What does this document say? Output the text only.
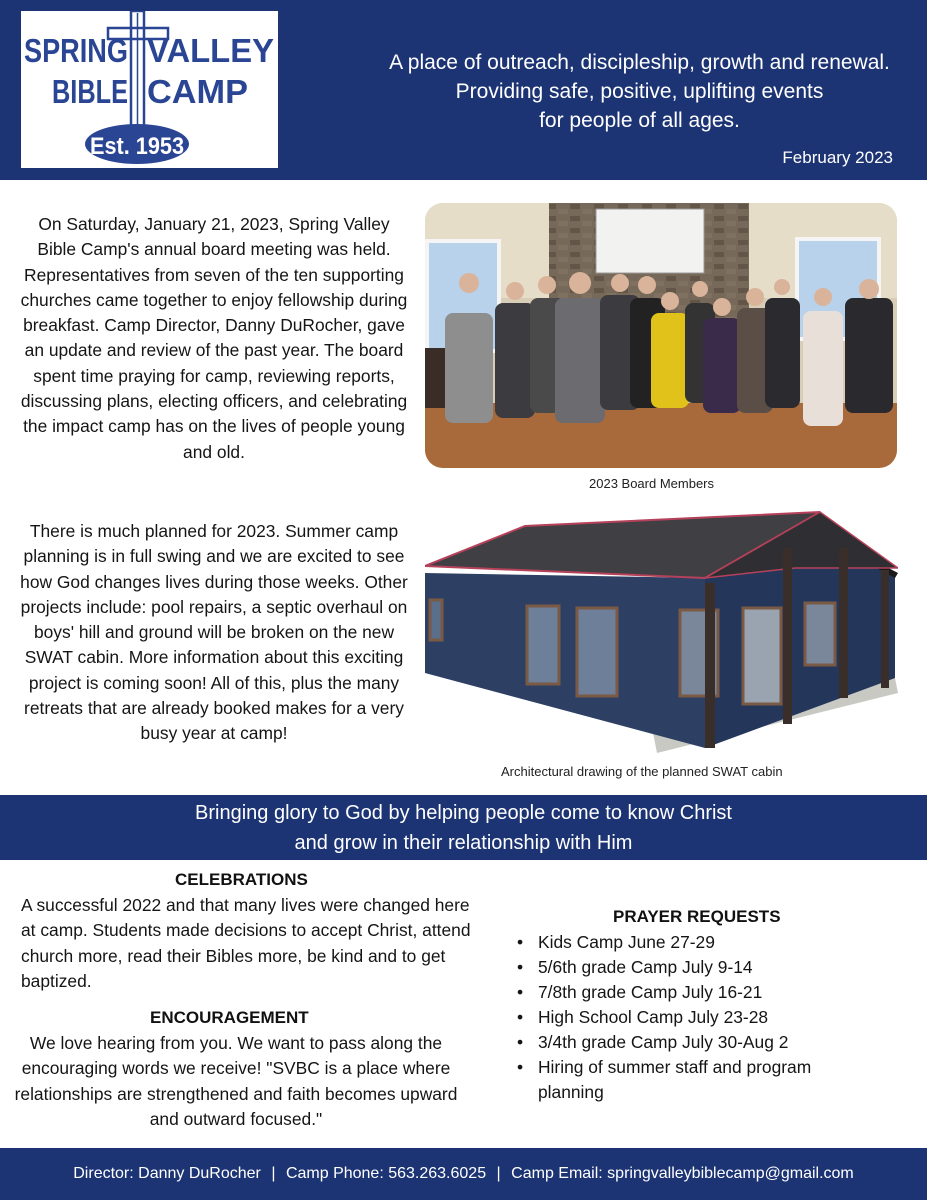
SPRING VALLEY
BIBLE CAMP
Est. 1953
A place of outreach, discipleship, growth and renewal.
Providing safe, positive, uplifting events
for people of all ages.
February 2023

On Saturday, January 21, 2023, Spring Valley Bible Camp's annual board meeting was held. Representatives from seven of the ten supporting churches came together to enjoy fellowship during breakfast. Camp Director, Danny DuRocher, gave an update and review of the past year. The board spent time praying for camp, reviewing reports, discussing plans, electing officers, and celebrating the impact camp has on the lives of people young and old.

There is much planned for 2023. Summer camp planning is in full swing and we are excited to see how God changes lives during those weeks. Other projects include: pool repairs, a septic overhaul on boys' hill and ground will be broken on the new SWAT cabin. More information about this exciting project is coming soon! All of this, plus the many retreats that are already booked makes for a very busy year at camp!

2023 Board Members
Architectural drawing of the planned SWAT cabin
Bringing glory to God by helping people come to know Christ
and grow in their relationship with Him
CELEBRATIONS

A successful 2022 and that many lives were changed here at camp. Students made decisions to accept Christ, attend church more, read their Bibles more, be kind and to get baptized.

ENCOURAGEMENT

We love hearing from you. We want to pass along the encouraging words we receive! "SVBC is a place where relationships are strengthened and faith becomes upward and outward focused."

PRAYER REQUESTS
• Kids Camp June 27-29
• 5/6th grade Camp July 9-14
• 7/8th grade Camp July 16-21
• High School Camp July 23-28
• 3/4th grade Camp July 30-Aug 2
• Hiring of summer staff and program planning
Director: Danny DuRocher | Camp Phone: 563.263.6025 | Camp Email: springvalleybiblecamp@gmail.com
